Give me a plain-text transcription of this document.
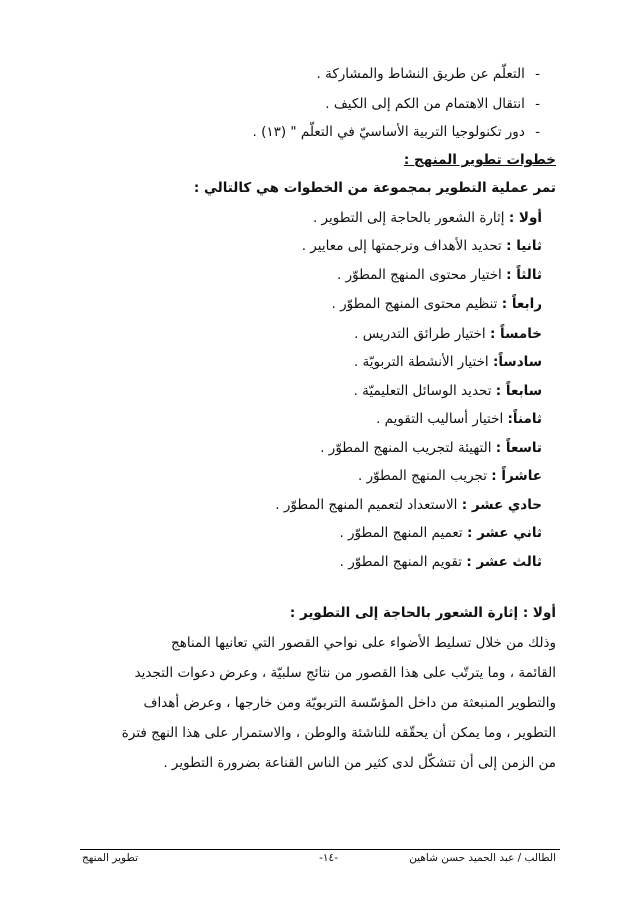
- التعلّم عن طريق النشاط والمشاركة .
- انتقال الاهتمام من الكم إلى الكيف .
- دور تكنولوجيا التربية الأساسيّ في التعلّم " (١٣) .
خطوات تطوير المنهج :
تمر عملية التطوير بمجموعة من الخطوات هي كالتالي :
أولا : إثارة الشعور بالحاجة إلى التطوير .
ثانيا : تحديد الأهداف وترجمتها إلى معايير .
ثالثاً : اختيار محتوى المنهج المطوّر .
رابعاً : تنظيم محتوى المنهج المطوّر .
خامساً : اختيار طرائق التدريس .
سادساً: اختيار الأنشطة التربويّة .
سابعاً : تحديد الوسائل التعليميّة .
ثامناً: اختيار أساليب التقويم .
تاسعاً : التهيئة لتجريب المنهج المطوّر .
عاشراً : تجريب المنهج المطوّر .
حادي عشر : الاستعداد لتعميم المنهج المطوّر .
ثاني عشر : تعميم المنهج المطوّر .
ثالث عشر : تقويم المنهج المطوّر .
أولا : إثارة الشعور بالحاجة إلى التطوير :

وذلك من خلال تسليط الأضواء على نواحي القصور التي تعانيها المناهج

القائمة ، وما يترتّب على هذا القصور من نتائج سلبيّة ، وعرض دعوات التجديد

والتطوير المنبعثة من داخل المؤسّسة التربويّة ومن خارجها ، وعرض أهداف

التطوير ، وما يمكن أن يحقّقه للناشئة والوطن ، والاستمرار على هذا النهج فترة

من الزمن إلى أن تتشكّل لدى كثير من الناس القناعة بضرورة التطوير .

الطالب / عبد الحميد حسن شاهين
-١٤-
تطوير المنهج
